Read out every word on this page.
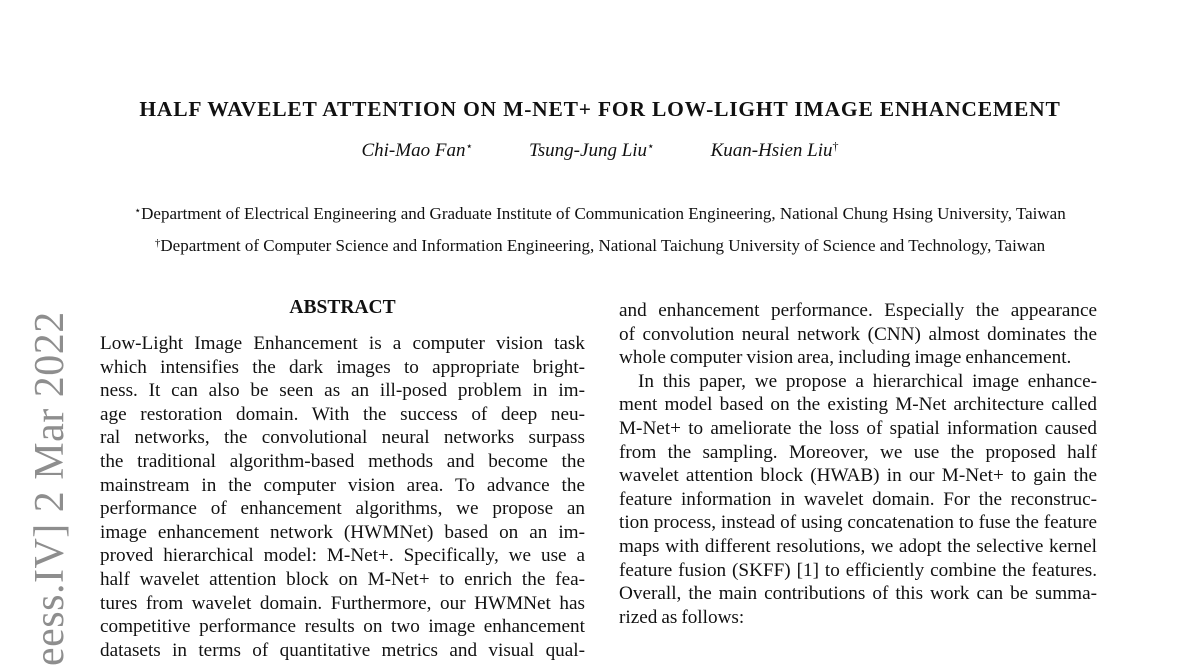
eess.IV] 2 Mar 2022
HALF WAVELET ATTENTION ON M-NET+ FOR LOW-LIGHT IMAGE ENHANCEMENT
Chi-Mao Fan⋆	Tsung-Jung Liu⋆	Kuan-Hsien Liu†
⋆Department of Electrical Engineering and Graduate Institute of Communication Engineering, National Chung Hsing University, Taiwan
†Department of Computer Science and Information Engineering, National Taichung University of Science and Technology, Taiwan
ABSTRACT
Low-Light Image Enhancement is a computer vision task
which intensifies the dark images to appropriate bright-
ness. It can also be seen as an ill-posed problem in im-
age restoration domain. With the success of deep neu-
ral networks, the convolutional neural networks surpass
the traditional algorithm-based methods and become the
mainstream in the computer vision area. To advance the
performance of enhancement algorithms, we propose an
image enhancement network (HWMNet) based on an im-
proved hierarchical model: M-Net+. Specifically, we use a
half wavelet attention block on M-Net+ to enrich the fea-
tures from wavelet domain. Furthermore, our HWMNet has
competitive performance results on two image enhancement
datasets in terms of quantitative metrics and visual qual-
and enhancement performance. Especially the appearance
of convolution neural network (CNN) almost dominates the
whole computer vision area, including image enhancement.
In this paper, we propose a hierarchical image enhance-
ment model based on the existing M-Net architecture called
M-Net+ to ameliorate the loss of spatial information caused
from the sampling. Moreover, we use the proposed half
wavelet attention block (HWAB) in our M-Net+ to gain the
feature information in wavelet domain. For the reconstruc-
tion process, instead of using concatenation to fuse the feature
maps with different resolutions, we adopt the selective kernel
feature fusion (SKFF) [1] to efficiently combine the features.
Overall, the main contributions of this work can be summa-
rized as follows:
